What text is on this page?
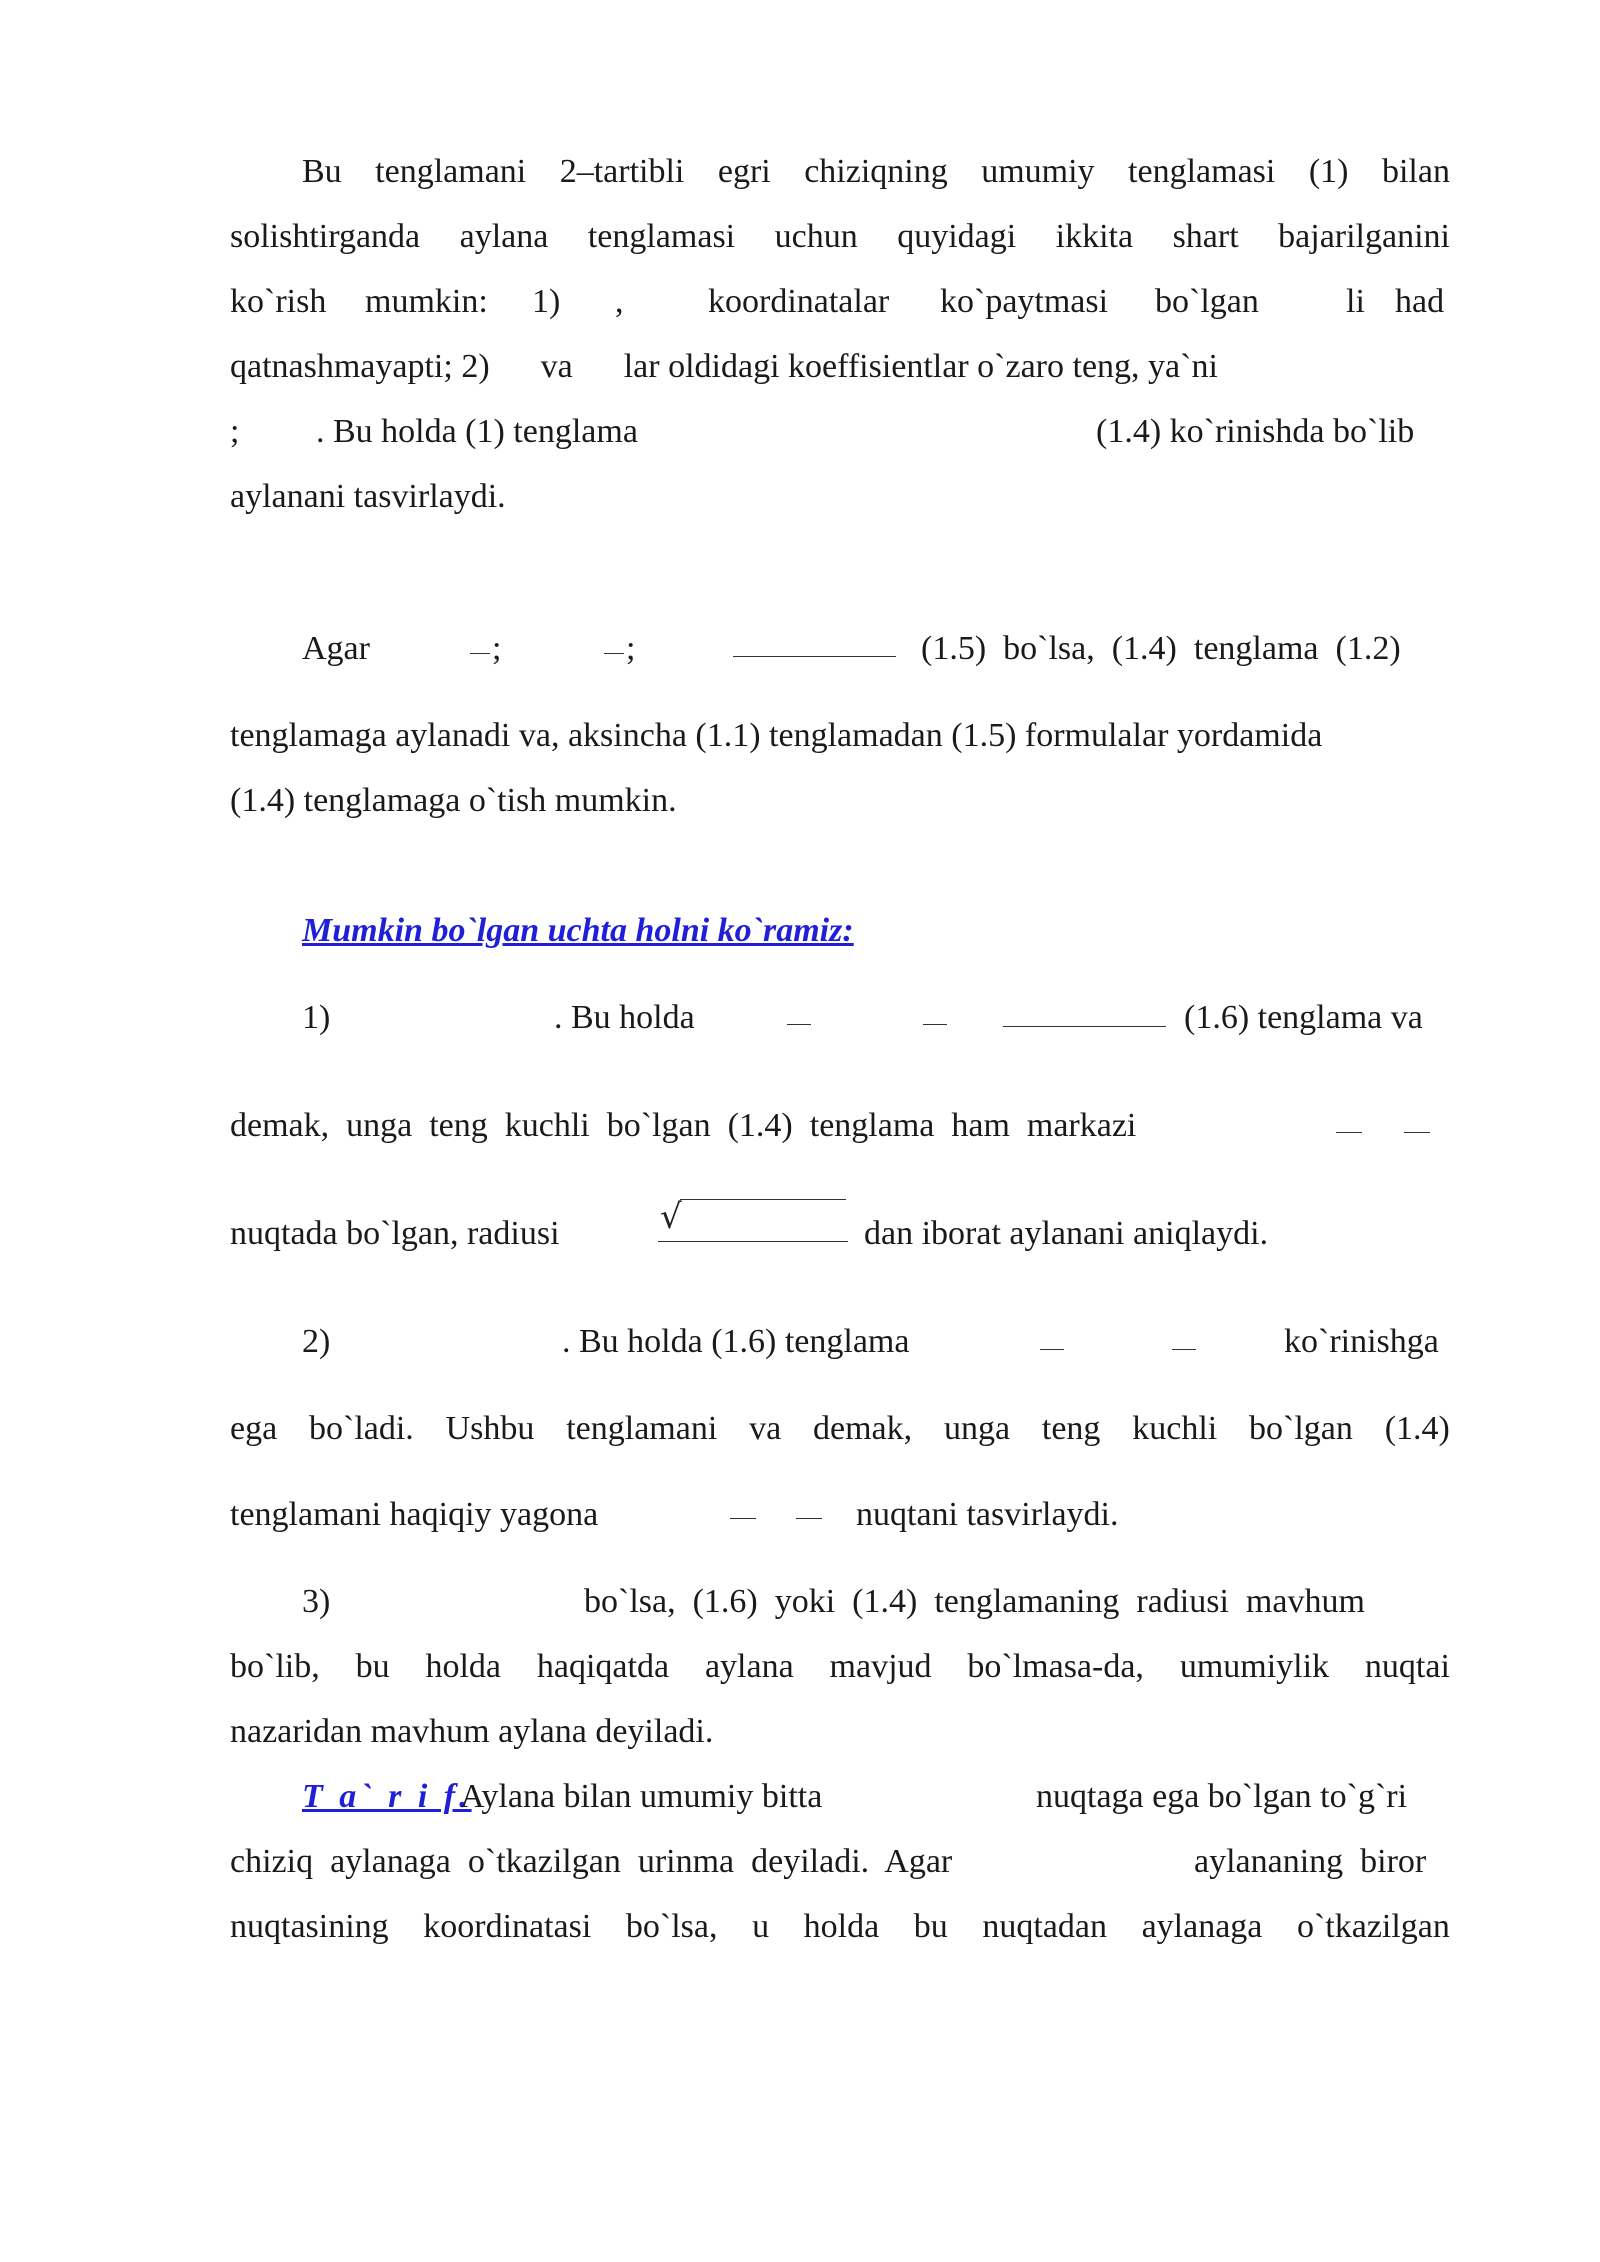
Bu tenglamani 2–tartibli egri chiziqning umumiy tenglamasi (1) bilan
solishtirganda aylana tenglamasi uchun quyidagi ikkita shart bajarilganini
ko`rish mumkin: 1) , koordinatalar ko`paytmasi bo`lgan	li had
qatnashmayapti; 2)      va      lar oldidagi koeffisientlar o`zaro teng, ya`ni
;         . Bu holda (1) tenglama	(1.4) ko`rinishda bo`lib
aylanani tasvirlaydi.
Agar	;	;	(1.5)  bo`lsa,  (1.4)  tenglama  (1.2)
tenglamaga aylanadi va, aksincha (1.1) tenglamadan (1.5) formulalar yordamida
(1.4) tenglamaga o`tish mumkin.
Mumkin bo`lgan uchta holni ko`ramiz:
1)	. Bu holda	(1.6) tenglama va
demak,  unga  teng  kuchli  bo`lgan  (1.4)  tenglama  ham  markazi
nuqtada bo`lgan, radiusi	√	dan iborat aylanani aniqlaydi.
2)	. Bu holda (1.6) tenglama	ko`rinishga
ega bo`ladi. Ushbu tenglamani va demak, unga teng kuchli bo`lgan (1.4)
tenglamani haqiqiy yagona	nuqtani tasvirlaydi.
3)	bo`lsa,  (1.6)  yoki  (1.4)  tenglamaning  radiusi  mavhum
bo`lib, bu holda haqiqatda aylana mavjud bo`lmasa-da, umumiylik nuqtai
nazaridan mavhum aylana deyiladi.
T a` r i f.
Aylana bilan umumiy bitta	nuqtaga ega bo`lgan to`g`ri
chiziq  aylanaga  o`tkazilgan  urinma  deyiladi.  Agar	aylananing  biror
nuqtasining koordinatasi bo`lsa, u holda bu nuqtadan aylanaga o`tkazilgan
